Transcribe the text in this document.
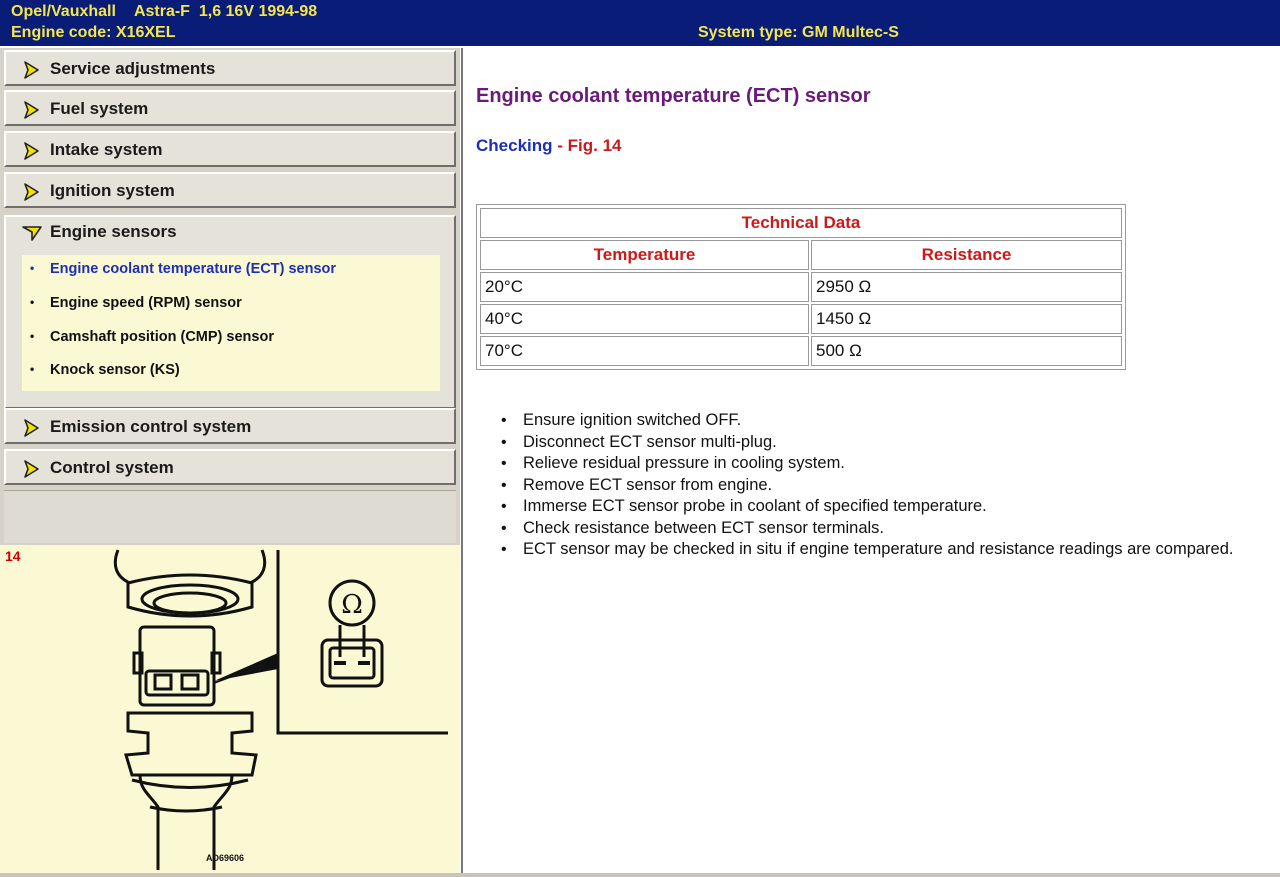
Opel/Vauxhall Astra-F 1,6 16V 1994-98
Engine code: X16XEL	System type: GM Multec-S
Service adjustments
Fuel system
Intake system
Ignition system
Engine sensors
• Engine coolant temperature (ECT) sensor
• Engine speed (RPM) sensor
• Camshaft position (CMP) sensor
• Knock sensor (KS)
Emission control system
Control system
Ω
AD69606
14
Engine coolant temperature (ECT) sensor
Checking - Fig. 14
Technical Data
Temperature	Resistance
20°C	2950 Ω
40°C	1450 Ω
70°C	500 Ω
• Ensure ignition switched OFF.
• Disconnect ECT sensor multi-plug.
• Relieve residual pressure in cooling system.
• Remove ECT sensor from engine.
• Immerse ECT sensor probe in coolant of specified temperature.
• Check resistance between ECT sensor terminals.
• ECT sensor may be checked in situ if engine temperature and resistance readings are compared.
